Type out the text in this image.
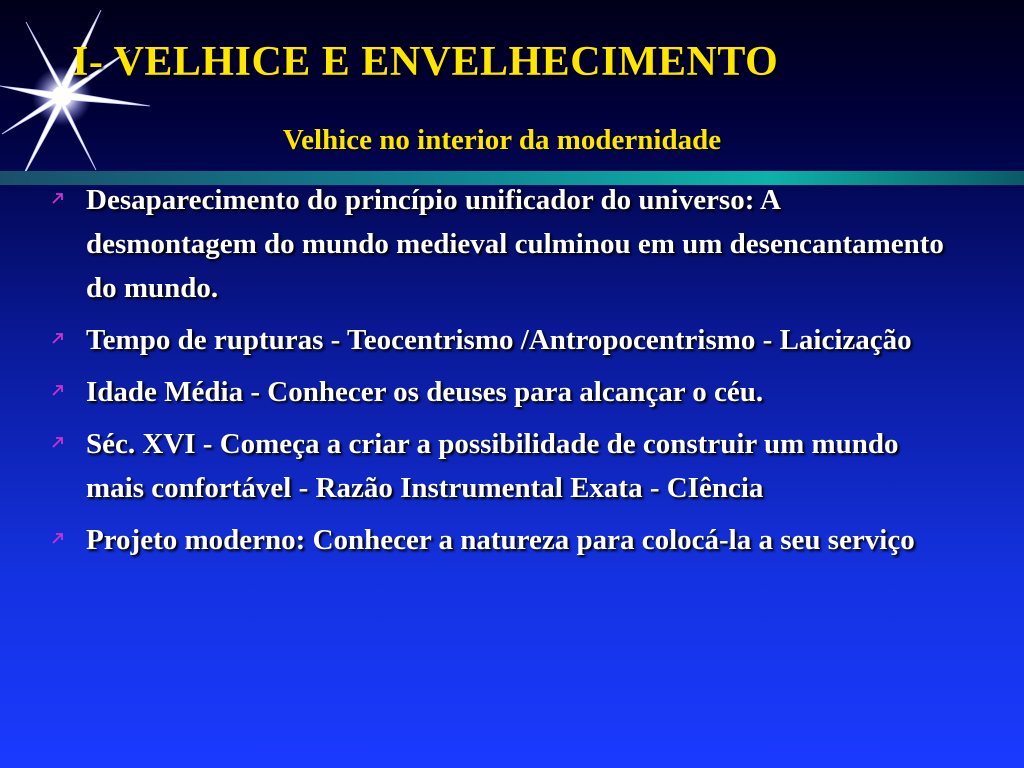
I- VELHICE E ENVELHECIMENTO
Velhice no interior da modernidade
Desaparecimento do princípio unificador do universo: A desmontagem do mundo medieval culminou em um desencantamento do mundo.
Tempo de rupturas - Teocentrismo /Antropocentrismo - Laicização
Idade Média - Conhecer os deuses para alcançar o céu.
Séc. XVI - Começa a criar a possibilidade de construir um mundo mais confortável - Razão Instrumental Exata - CIência
Projeto moderno: Conhecer a natureza para colocá-la a seu serviço
